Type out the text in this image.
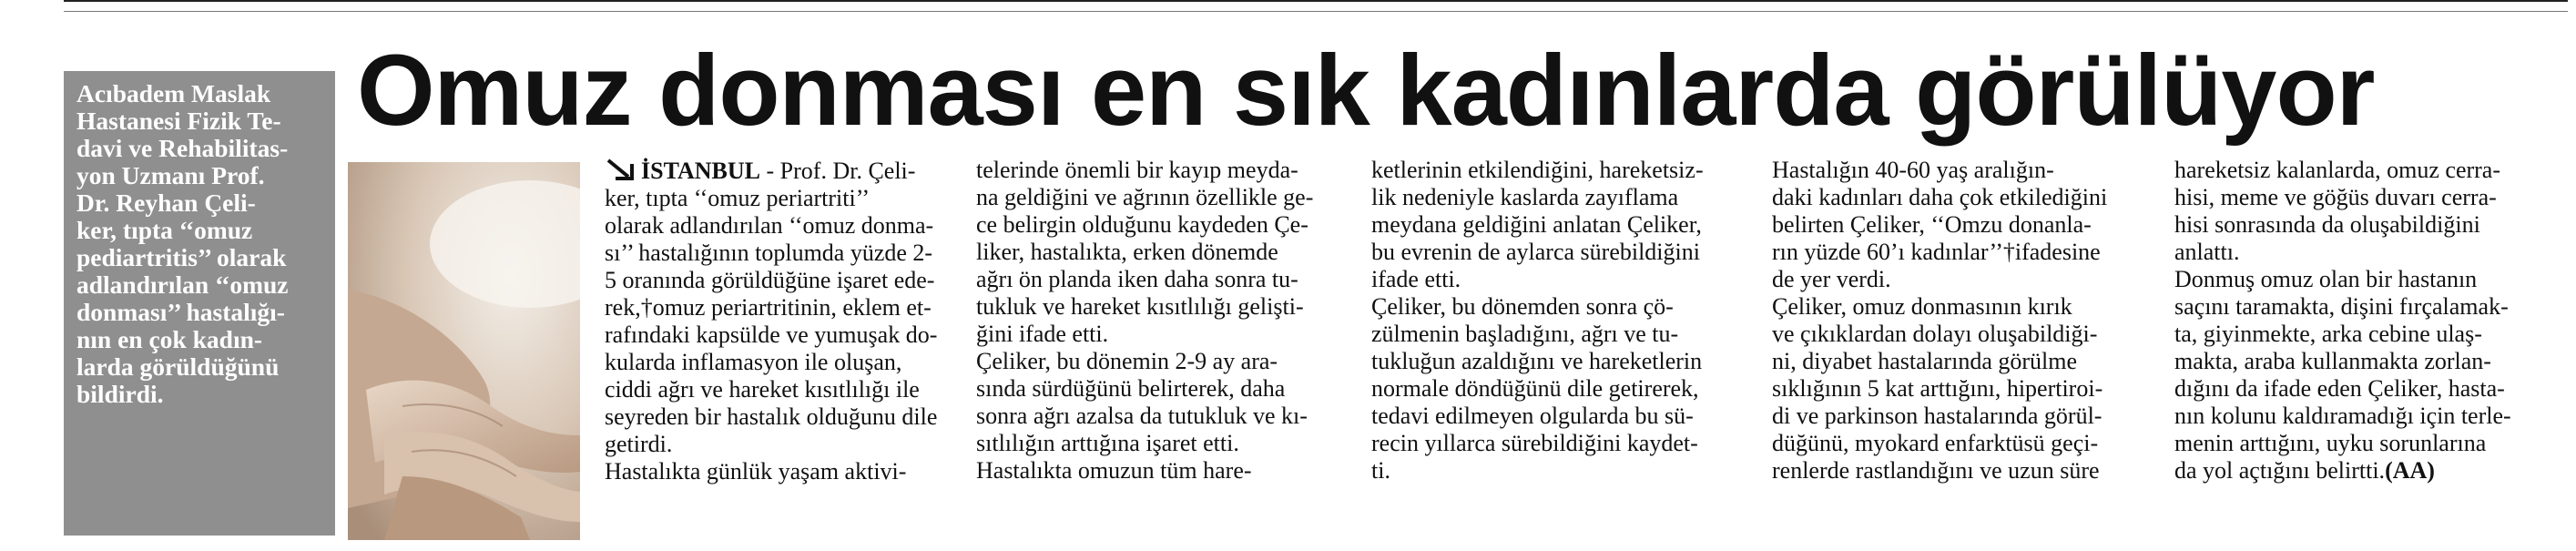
Acıbadem Maslak
Hastanesi Fizik Te-
davi ve Rehabilitas-
yon Uzmanı Prof.
Dr. Reyhan Çeli-
ker, tıpta ‘‘omuz
pediartritis’’ olarak
adlandırılan ‘‘omuz
donması’’ hastalığı-
nın en çok kadın-
larda görüldüğünü
bildirdi.
Omuz donması en sık kadınlarda görülüyor
İSTANBUL - Prof. Dr. Çeli-
ker, tıpta ‘‘omuz periartriti’’
olarak adlandırılan ‘‘omuz donma-
sı’’ hastalığının toplumda yüzde 2-
5 oranında görüldüğüne işaret ede-
rek,†omuz periartritinin, eklem et-
rafındaki kapsülde ve yumuşak do-
kularda inflamasyon ile oluşan,
ciddi ağrı ve hareket kısıtlılığı ile
seyreden bir hastalık olduğunu dile
getirdi.
Hastalıkta günlük yaşam aktivi-
telerinde önemli bir kayıp meyda-
na geldiğini ve ağrının özellikle ge-
ce belirgin olduğunu kaydeden Çe-
liker, hastalıkta, erken dönemde
ağrı ön planda iken daha sonra tu-
tukluk ve hareket kısıtlılığı gelişti-
ğini ifade etti.
Çeliker, bu dönemin 2-9 ay ara-
sında sürdüğünü belirterek, daha
sonra ağrı azalsa da tutukluk ve kı-
sıtlılığın arttığına işaret etti.
Hastalıkta omuzun tüm hare-
ketlerinin etkilendiğini, hareketsiz-
lik nedeniyle kaslarda zayıflama
meydana geldiğini anlatan Çeliker,
bu evrenin de aylarca sürebildiğini
ifade etti.
Çeliker, bu dönemden sonra çö-
zülmenin başladığını, ağrı ve tu-
tukluğun azaldığını ve hareketlerin
normale döndüğünü dile getirerek,
tedavi edilmeyen olgularda bu sü-
recin yıllarca sürebildiğini kaydet-
ti.
Hastalığın 40-60 yaş aralığın-
daki kadınları daha çok etkilediğini
belirten Çeliker, ‘‘Omzu donanla-
rın yüzde 60’ı kadınlar’’†ifadesine
de yer verdi.
Çeliker, omuz donmasının kırık
ve çıkıklardan dolayı oluşabildiği-
ni, diyabet hastalarında görülme
sıklığının 5 kat arttığını, hipertiroi-
di ve parkinson hastalarında görül-
düğünü, myokard enfarktüsü geçi-
renlerde rastlandığını ve uzun süre
hareketsiz kalanlarda, omuz cerra-
hisi, meme ve göğüs duvarı cerra-
hisi sonrasında da oluşabildiğini
anlattı.
Donmuş omuz olan bir hastanın
saçını taramakta, dişini fırçalamak-
ta, giyinmekte, arka cebine ulaş-
makta, araba kullanmakta zorlan-
dığını da ifade eden Çeliker, hasta-
nın kolunu kaldıramadığı için terle-
menin arttığını, uyku sorunlarına
da yol açtığını belirtti.(AA)
